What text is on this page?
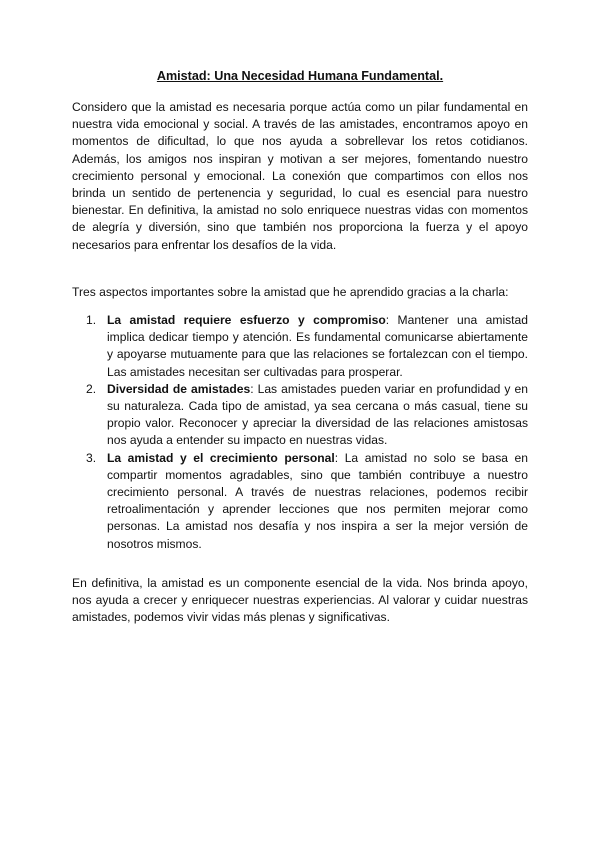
Amistad: Una Necesidad Humana Fundamental.

Considero que la amistad es necesaria porque actúa como un pilar fundamental en nuestra vida emocional y social. A través de las amistades, encontramos apoyo en momentos de dificultad, lo que nos ayuda a sobrellevar los retos cotidianos. Además, los amigos nos inspiran y motivan a ser mejores, fomentando nuestro crecimiento personal y emocional. La conexión que compartimos con ellos nos brinda un sentido de pertenencia y seguridad, lo cual es esencial para nuestro bienestar. En definitiva, la amistad no solo enriquece nuestras vidas con momentos de alegría y diversión, sino que también nos proporciona la fuerza y el apoyo necesarios para enfrentar los desafíos de la vida.

Tres aspectos importantes sobre la amistad que he aprendido gracias a la charla:

1. La amistad requiere esfuerzo y compromiso: Mantener una amistad implica dedicar tiempo y atención. Es fundamental comunicarse abiertamente y apoyarse mutuamente para que las relaciones se fortalezcan con el tiempo. Las amistades necesitan ser cultivadas para prosperar.
2. Diversidad de amistades: Las amistades pueden variar en profundidad y en su naturaleza. Cada tipo de amistad, ya sea cercana o más casual, tiene su propio valor. Reconocer y apreciar la diversidad de las relaciones amistosas nos ayuda a entender su impacto en nuestras vidas.
3. La amistad y el crecimiento personal: La amistad no solo se basa en compartir momentos agradables, sino que también contribuye a nuestro crecimiento personal. A través de nuestras relaciones, podemos recibir retroalimentación y aprender lecciones que nos permiten mejorar como personas. La amistad nos desafía y nos inspira a ser la mejor versión de nosotros mismos.

En definitiva, la amistad es un componente esencial de la vida. Nos brinda apoyo, nos ayuda a crecer y enriquecer nuestras experiencias. Al valorar y cuidar nuestras amistades, podemos vivir vidas más plenas y significativas.
